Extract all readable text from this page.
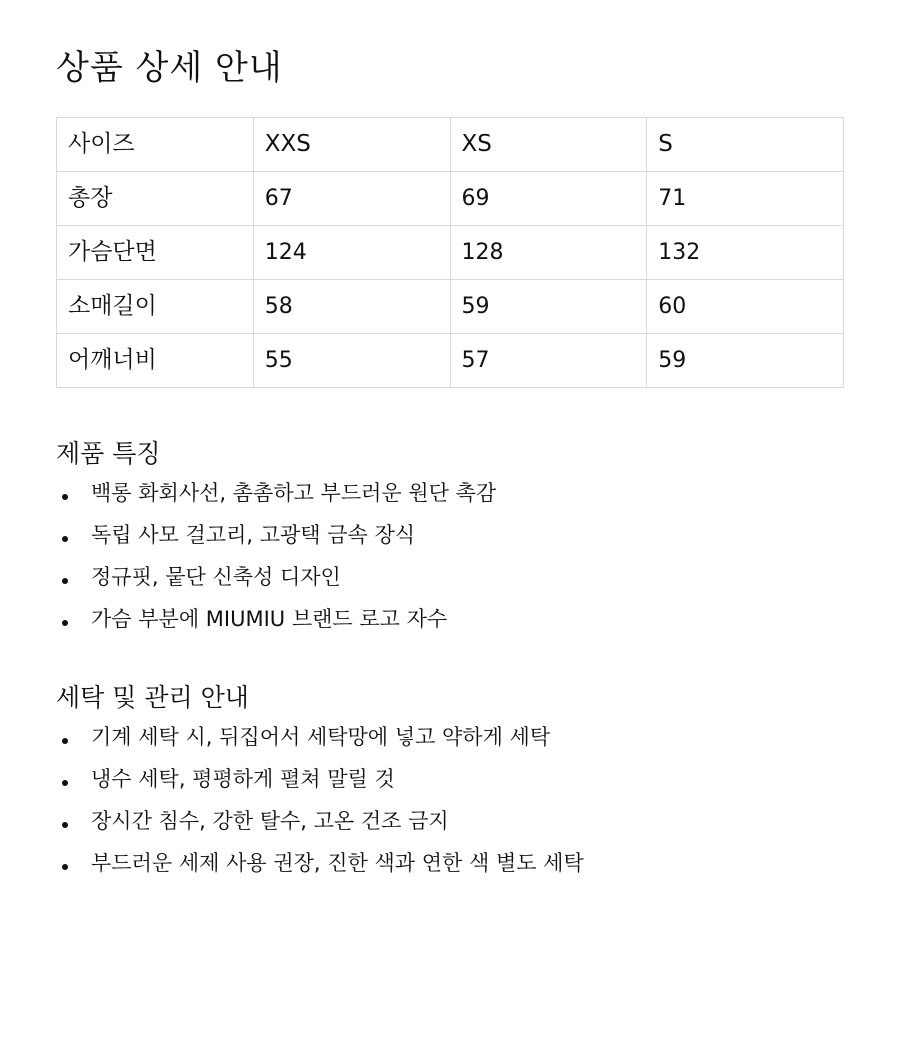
상품 상세 안내
사이즈	XXS	XS	S
총장	67	69	71
가슴단면	124	128	132
소매길이	58	59	60
어깨너비	55	57	59
제품 특징
백롱 화회사선, 촘촘하고 부드러운 원단 촉감
독립 사모 걸고리, 고광택 금속 장식
정규핏, 뭍단 신축성 디자인
가슴 부분에 MIUMIU 브랜드 로고 자수
세탁 및 관리 안내
기계 세탁 시, 뒤집어서 세탁망에 넣고 약하게 세탁
냉수 세탁, 평평하게 펼쳐 말릴 것
장시간 침수, 강한 탈수, 고온 건조 금지
부드러운 세제 사용 권장, 진한 색과 연한 색 별도 세탁
